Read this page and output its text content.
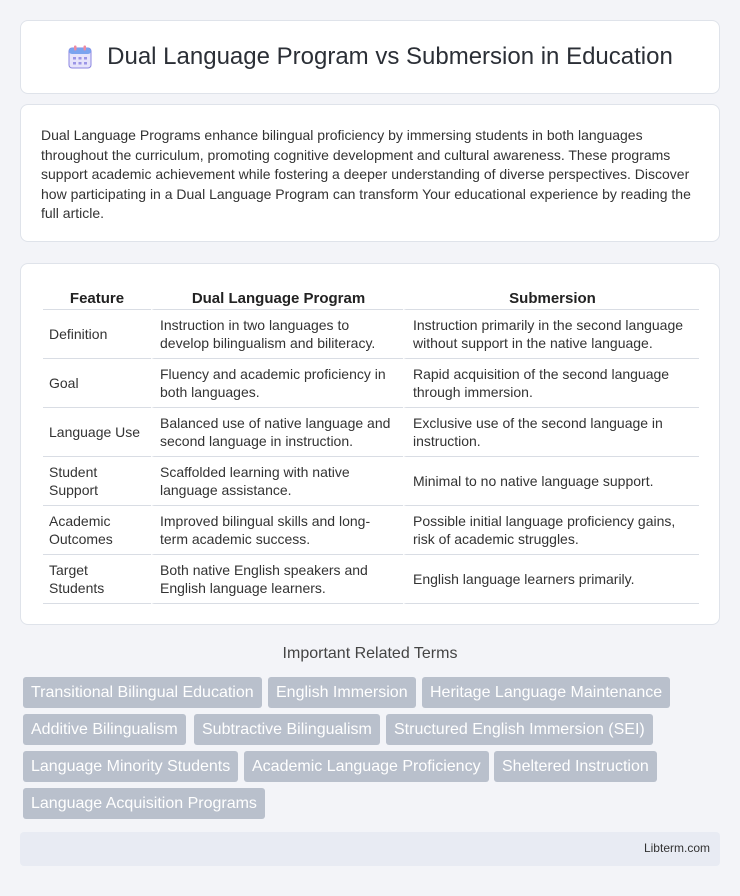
Dual Language Program vs Submersion in Education

Dual Language Programs enhance bilingual proficiency by immersing students in both languages throughout the curriculum, promoting cognitive development and cultural awareness. These programs support academic achievement while fostering a deeper understanding of diverse perspectives. Discover how participating in a Dual Language Program can transform Your educational experience by reading the full article.

Feature	Dual Language Program	Submersion
Definition	Instruction in two languages to develop bilingualism and biliteracy.	Instruction primarily in the second language without support in the native language.
Goal	Fluency and academic proficiency in both languages.	Rapid acquisition of the second language through immersion.
Language Use	Balanced use of native language and second language in instruction.	Exclusive use of the second language in instruction.
Student Support	Scaffolded learning with native language assistance.	Minimal to no native language support.
Academic Outcomes	Improved bilingual skills and long-term academic success.	Possible initial language proficiency gains, risk of academic struggles.
Target Students	Both native English speakers and English language learners.	English language learners primarily.
Important Related Terms
Transitional Bilingual Education	English Immersion	Heritage Language Maintenance
Additive Bilingualism	Subtractive Bilingualism	Structured English Immersion (SEI)
Language Minority Students	Academic Language Proficiency	Sheltered Instruction
Language Acquisition Programs
Libterm.com
